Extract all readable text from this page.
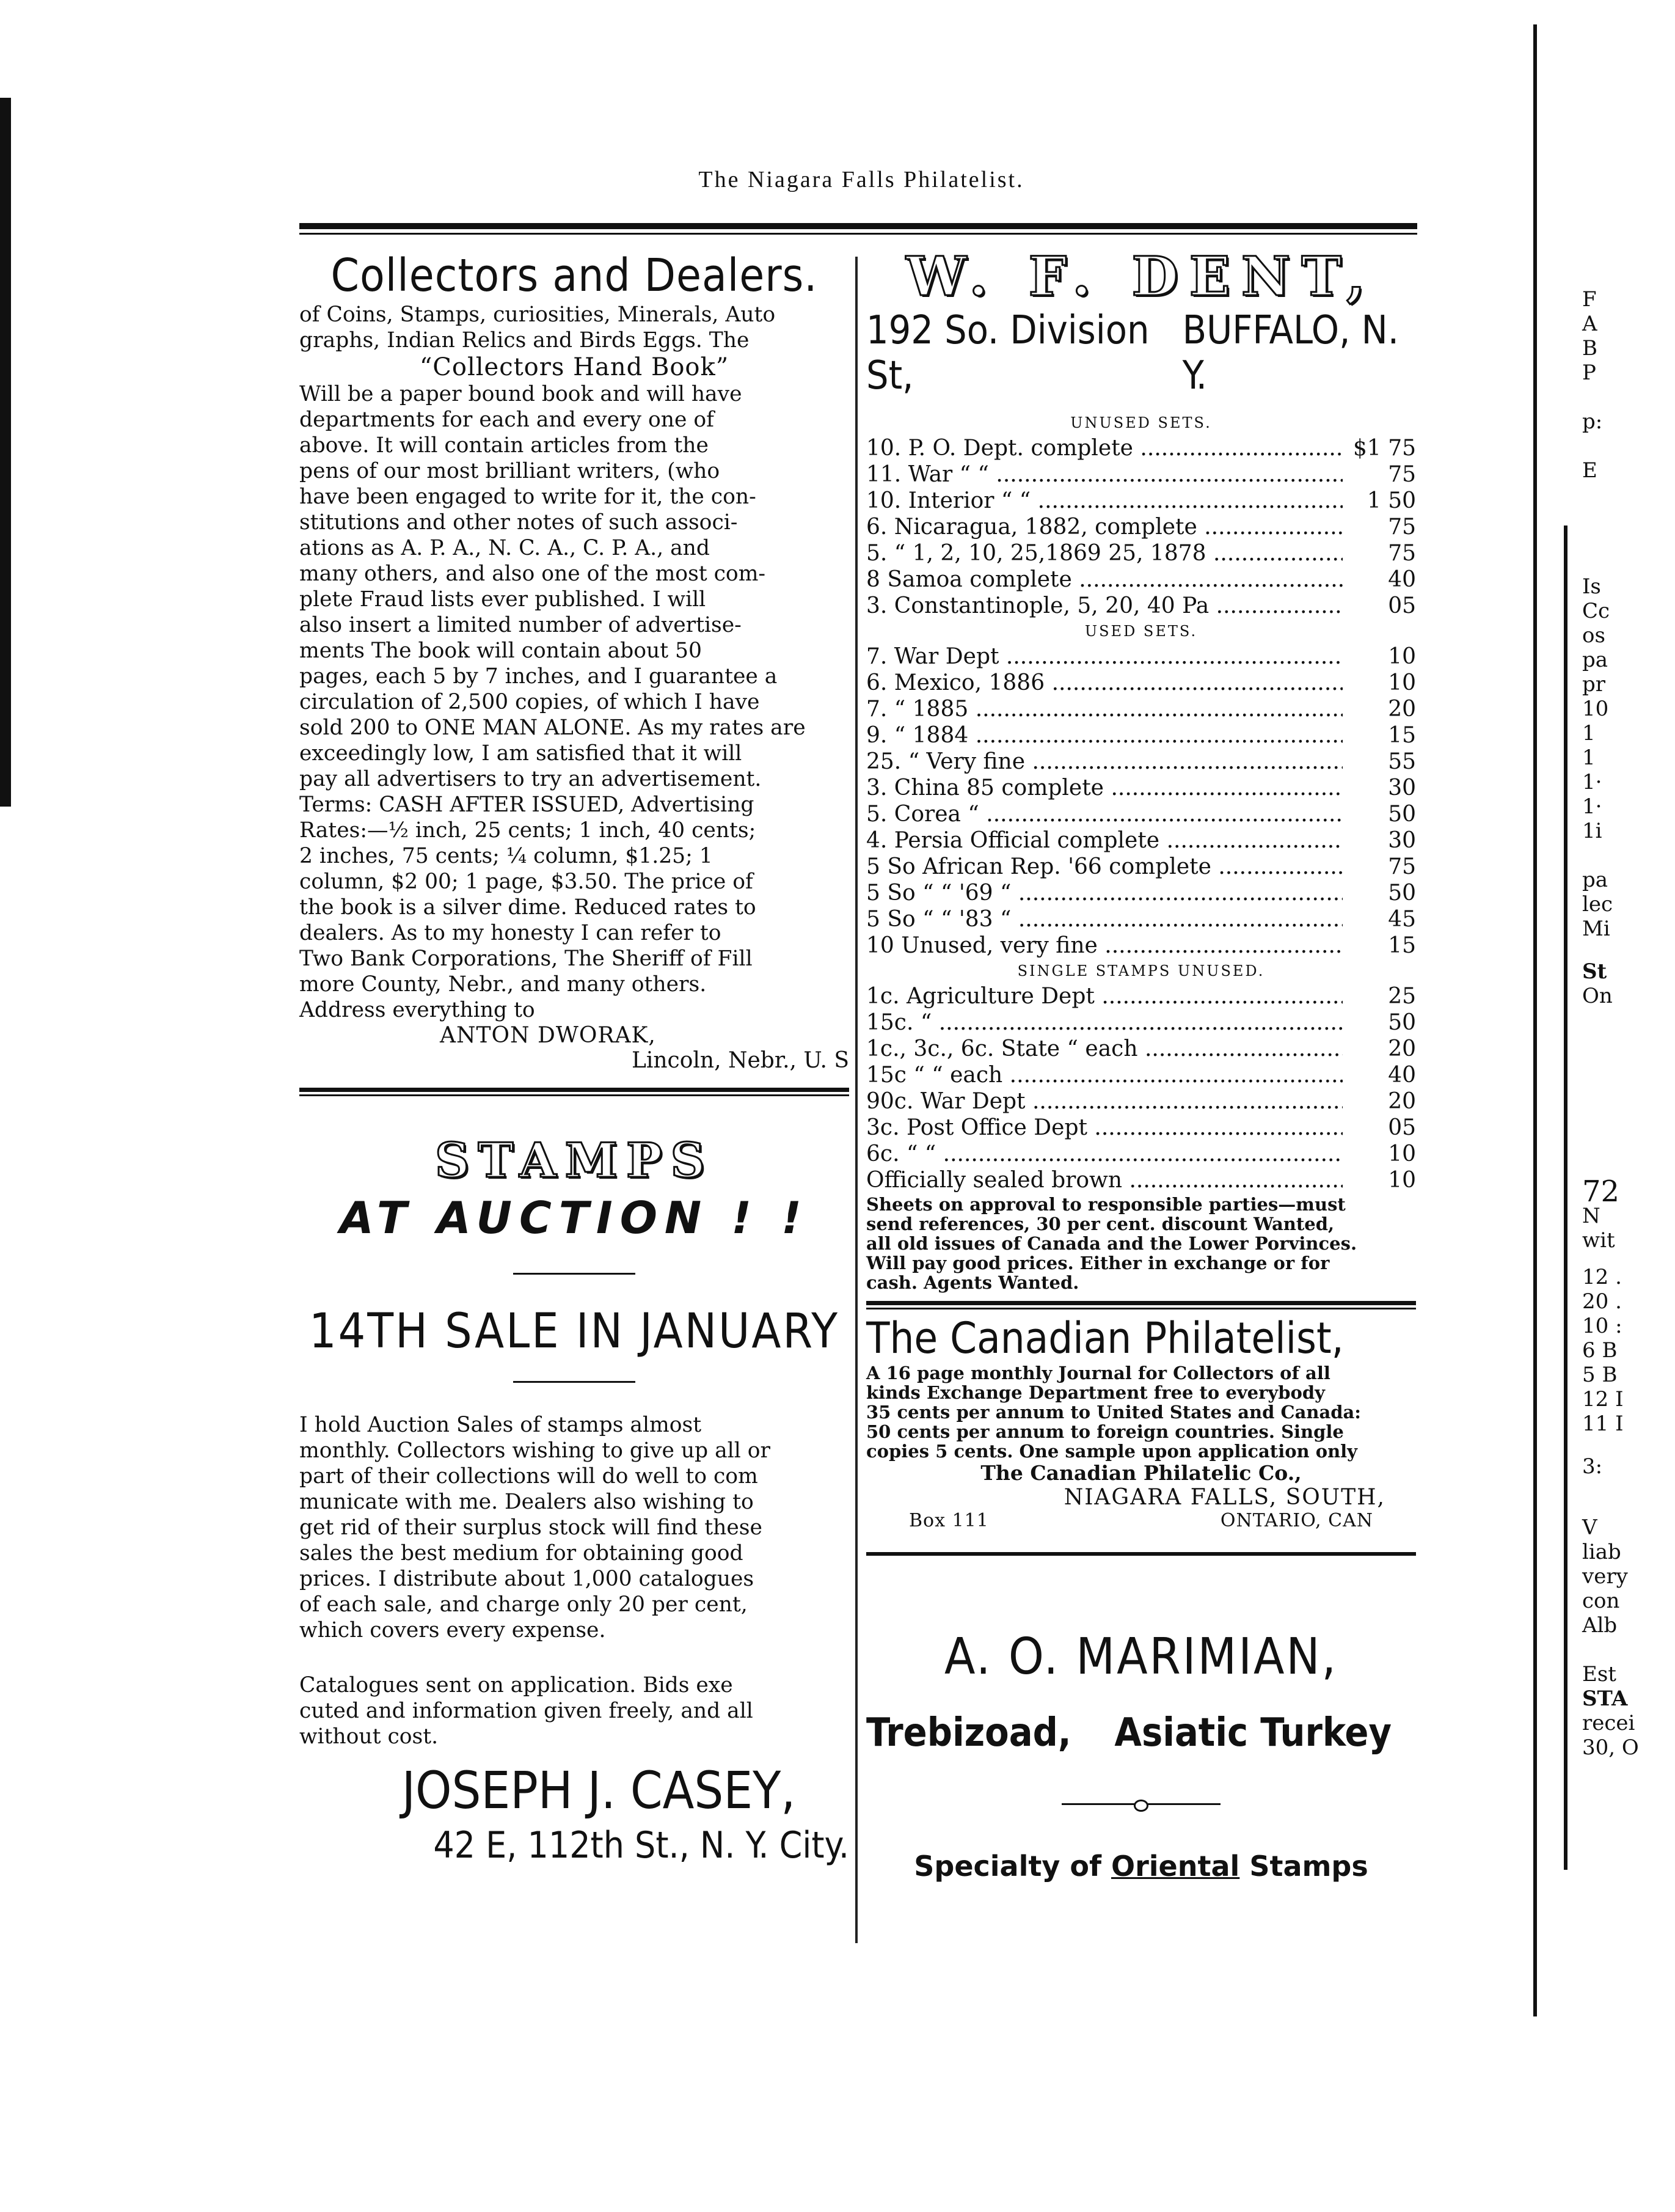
The Niagara Falls Philatelist.
Collectors and Dealers.
of Coins, Stamps, curiosities, Minerals, Auto
graphs, Indian Relics and Birds Eggs. The
“Collectors Hand Book”
Will be a paper bound book and will have
departments for each and every one of
above. It will contain articles from the
pens of our most brilliant writers, (who
have been engaged to write for it, the con-
stitutions and other notes of such associ-
ations as A. P. A., N. C. A., C. P. A., and
many others, and also one of the most com-
plete Fraud lists ever published. I will
also insert a limited number of advertise-
ments The book will contain about 50
pages, each 5 by 7 inches, and I guarantee a
circulation of 2,500 copies, of which I have
sold 200 to ONE MAN ALONE. As my rates are
exceedingly low, I am satisfied that it will
pay all advertisers to try an advertisement.
Terms: CASH AFTER ISSUED, Advertising
Rates:—½ inch, 25 cents; 1 inch, 40 cents;
2 inches, 75 cents; ¼ column, $1.25; 1
column, $2 00; 1 page, $3.50. The price of
the book is a silver dime. Reduced rates to
dealers. As to my honesty I can refer to
Two Bank Corporations, The Sheriff of Fill
more County, Nebr., and many others.
Address everything to
ANTON DWORAK,
Lincoln, Nebr., U. S
STAMPS
AT AUCTION ! !
14TH SALE IN JANUARY
I hold Auction Sales of stamps almost
monthly. Collectors wishing to give up all or
part of their collections will do well to com
municate with me. Dealers also wishing to
get rid of their surplus stock will find these
sales the best medium for obtaining good
prices. I distribute about 1,000 catalogues
of each sale, and charge only 20 per cent,
which covers every expense.
Catalogues sent on application. Bids exe
cuted and information given freely, and all
without cost.
JOSEPH J. CASEY,
42 E, 112th St., N. Y. City.
W. F. DENT,
192 So. Division St,
BUFFALO, N. Y.
UNUSED SETS.
10. P. O. Dept. complete .....	$1 75
11. War “ “ .....	75
10. Interior “ “ .....	1 50
6. Nicaragua, 1882, complete .....	75
5. “ 1, 2, 10, 25,1869 25, 1878 .....	75
8 Samoa complete .....	40
3. Constantinople, 5, 20, 40 Pa .....	05
USED SETS.
7. War Dept .....	10
6. Mexico, 1886 .....	10
7. “ 1885 .....	20
9. “ 1884 .....	15
25. “ Very fine .....	55
3. China 85 complete .....	30
5. Corea “ .....	50
4. Persia Official complete .....	30
5 So African Rep. '66 complete .....	75
5 So “ “ '69 “ .....	50
5 So “ “ '83 “ .....	45
10 Unused, very fine .....	15
SINGLE STAMPS UNUSED.
1c. Agriculture Dept .....	25
15c. “ .....	50
1c., 3c., 6c. State “ each .....	20
15c “ “ each .....	40
90c. War Dept .....	20
3c. Post Office Dept .....	05
6c. “ “ .....	10
Officially sealed brown .....	10
Sheets on approval to responsible parties—must
send references, 30 per cent. discount Wanted,
all old issues of Canada and the Lower Porvinces.
Will pay good prices. Either in exchange or for
cash. Agents Wanted.
The Canadian Philatelist,
A 16 page monthly Journal for Collectors of all
kinds Exchange Department free to everybody
35 cents per annum to United States and Canada:
50 cents per annum to foreign countries. Single
copies 5 cents. One sample upon application only
The Canadian Philatelic Co.,
NIAGARA FALLS, SOUTH,
Box 111	ONTARIO, CAN
A. O. MARIMIAN,
Trebizoad, Asiatic Turkey
Specialty of Oriental Stamps
F
A
B
P
p:
E
Is
Cc
os
pa
pr
10
1
1
1·
1·
1i
pa
lec
Mi
St
On
72
N
wit
12 .
20 .
10 :
6 B
5 B
12 I
11 I
3:
V
liab
very
con
Alb
Est
STA
recei
30, O
